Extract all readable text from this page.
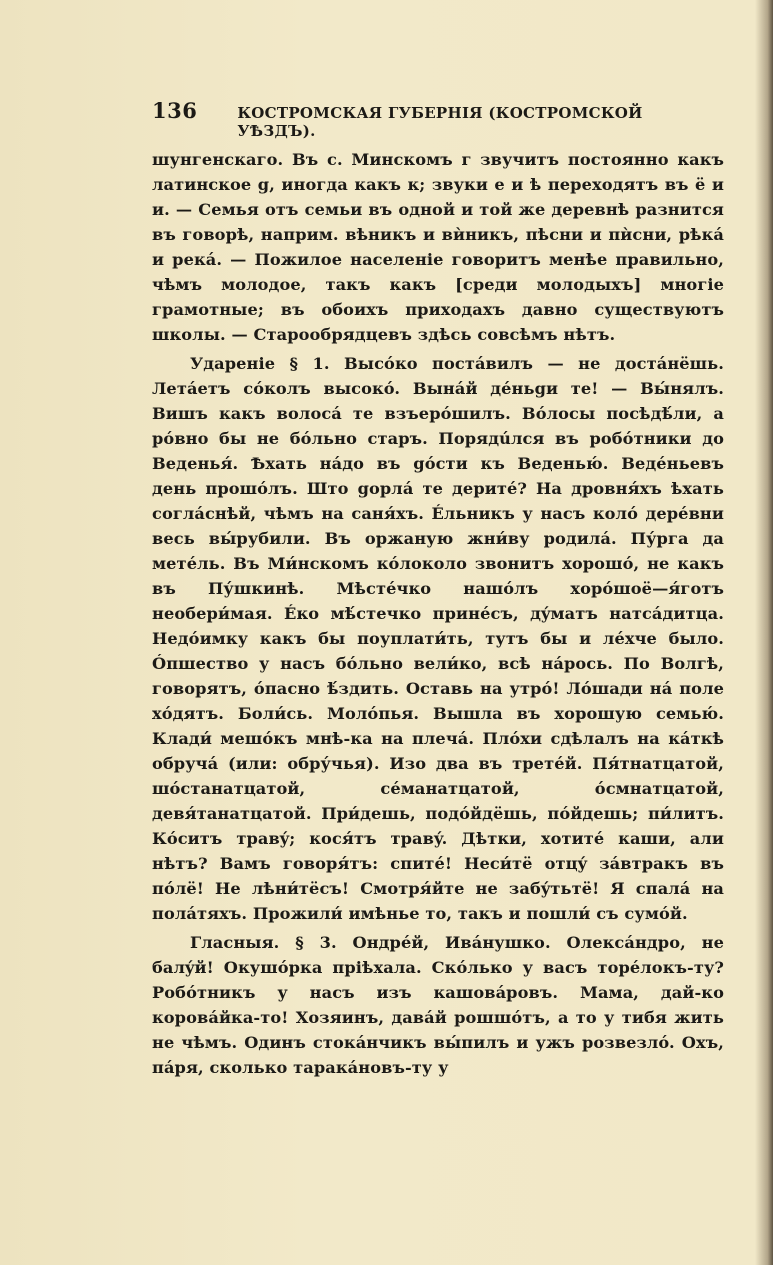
136	КОСТРОМСКАЯ ГУБЕРНІЯ (КОСТРОМСКОЙ УѢЗДЪ).

шунгенскаго. Въ с. Минскомъ г звучитъ постоянно какъ латинское g, иногда какъ к; звуки е и ѣ переходятъ въ ё и и. — Семья отъ семьи въ одной и той же деревнѣ разнится въ говорѣ, наприм. вѣникъ и вѝникъ, пѣсни и пѝсни, рѣкá и река́. — Пожилое населеніе говоритъ менѣе правильно, чѣмъ молодое, такъ какъ [среди молодыхъ] многіе грамотные; въ обоихъ приходахъ давно существуютъ школы. — Старообрядцевъ здѣсь совсѣмъ нѣтъ.

Удареніе § 1. Высóко постáвилъ — не достáнёшь. Летáетъ сóколъ высокó. Вынáй дéньgи те! — Вы́нялъ. Вишъ какъ волосá те взъерóшилъ. Вóлосы посѣдѣ́ли, а рóвно бы не бóльно старъ. Порядúлся въ робóтники до Веденья́. Ѣхать нáдо въ góсти къ Веденью́. Ведéньевъ день прошóлъ. Што gорлá те деритé? На дровня́хъ ѣхать соглáснѣй, чѣмъ на саня́хъ. Éльникъ у насъ колó дерéвни весь вы́рубили. Въ оржаную жни́ву родилá. Пу́рга да метéль. Въ Ми́нскомъ кóлоколо звонитъ хорошó, не какъ въ Пу́шкинѣ. Мѣстéчко нашóлъ хорóшоё—я́готъ необери́мая. Éко мѣ́стечко принéсъ, дýматъ натсáдитца. Недóимку какъ бы поуплати́ть, тутъ бы и лéхче было. Óпшество у насъ бóльно вели́ко, всѣ нáрось. По Волгѣ, говорятъ, óпасно ѣ́здить. Оставь на утрó! Лóшади нá поле хóдятъ. Боли́сь. Молóпья. Вышла въ хорошую семью́. Клади́ мешóкъ мнѣ-ка на плечá. Плóхи сдѣлалъ на кáткѣ обручá (или: обру́чья). Изо два въ третéй. Пя́тнатцатой, шóстанатцатой, сéманатцатой, óсмнатцатой, девя́танатцатой. При́дешь, подóйдёшь, пóйдешь; пи́литъ. Кóситъ травý; кося́тъ травý. Дѣтки, хотитé каши, али нѣтъ? Вамъ говоря́тъ: спитé! Неси́тё отцý зáвтракъ въ пóлё! Не лѣни́тёсъ! Смотря́йте не забýтьтё! Я спалá на полáтяхъ. Прожили́ имѣнье то, такъ и пошли́ съ сумóй.

Гласныя. § 3. Ондрéй, Ивáнушко. Олексáндро, не балýй! Окушóрка пріѣхала. Скóлько у васъ торéлокъ-ту? Робóтникъ у насъ изъ кашовáровъ. Мама, дай-ко коровáйка-то! Хозяинъ, давáй рошшóтъ, а то у тибя жить не чѣмъ. Одинъ стокáнчикъ вы́пилъ и ужъ розвезлó. Охъ, пáря, сколько таракáновъ-ту у
